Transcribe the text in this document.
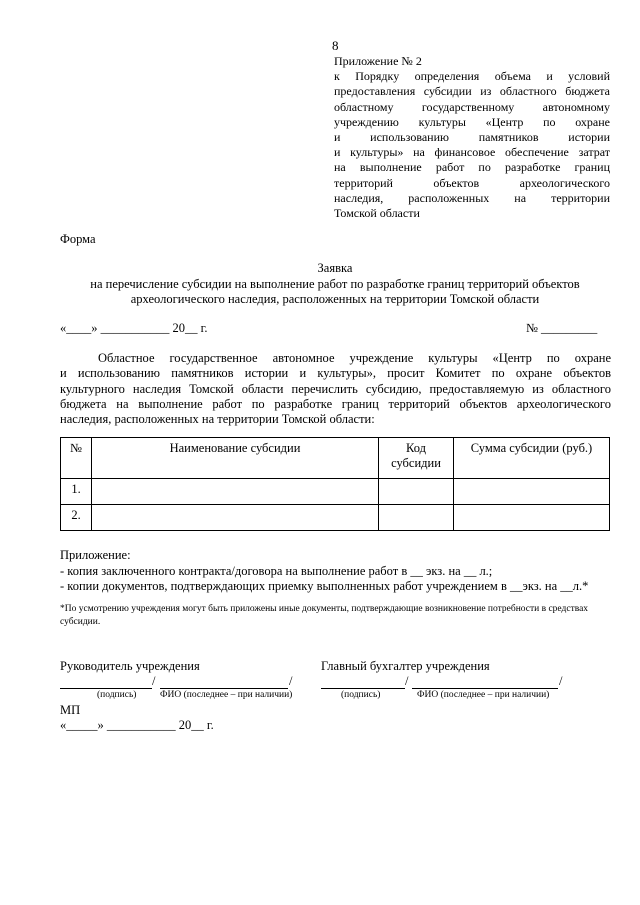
8
Приложение № 2
к Порядку определения объема и условий
предоставления субсидии из областного бюджета
областному государственному автономному
учреждению культуры «Центр по охране
и использованию памятников истории
и культуры» на финансовое обеспечение затрат
на выполнение работ по разработке границ
территорий объектов археологического
наследия, расположенных на территории
Томской области
Форма
Заявка
на перечисление субсидии на выполнение работ по разработке границ территорий объектов
археологического наследия, расположенных на территории Томской области
«____» ___________ 20__ г.	№ _________
Областное государственное автономное учреждение культуры «Центр по охране
и использованию памятников истории и культуры», просит Комитет по охране объектов
культурного наследия Томской области перечислить субсидию, предоставляемую из областного
бюджета на выполнение работ по разработке границ территорий объектов археологического
наследия, расположенных на территории Томской области:
№	Наименование субсидии	Код субсидии	Сумма субсидии (руб.)
1.			
2.			
Приложение:
- копия заключенного контракта/договора на выполнение работ в __ экз. на __ л.;
- копии документов, подтверждающих приемку выполненных работ учреждением в __экз. на __л.*
*По усмотрению учреждения могут быть приложены иные документы, подтверждающие возникновение потребности в средствах субсидии.
Руководитель учреждения	Главный бухгалтер учреждения
/	/
(подпись) ФИО (последнее – при наличии)
/	/
(подпись)	ФИО (последнее – при наличии)
МП
«_____» ___________ 20__ г.
